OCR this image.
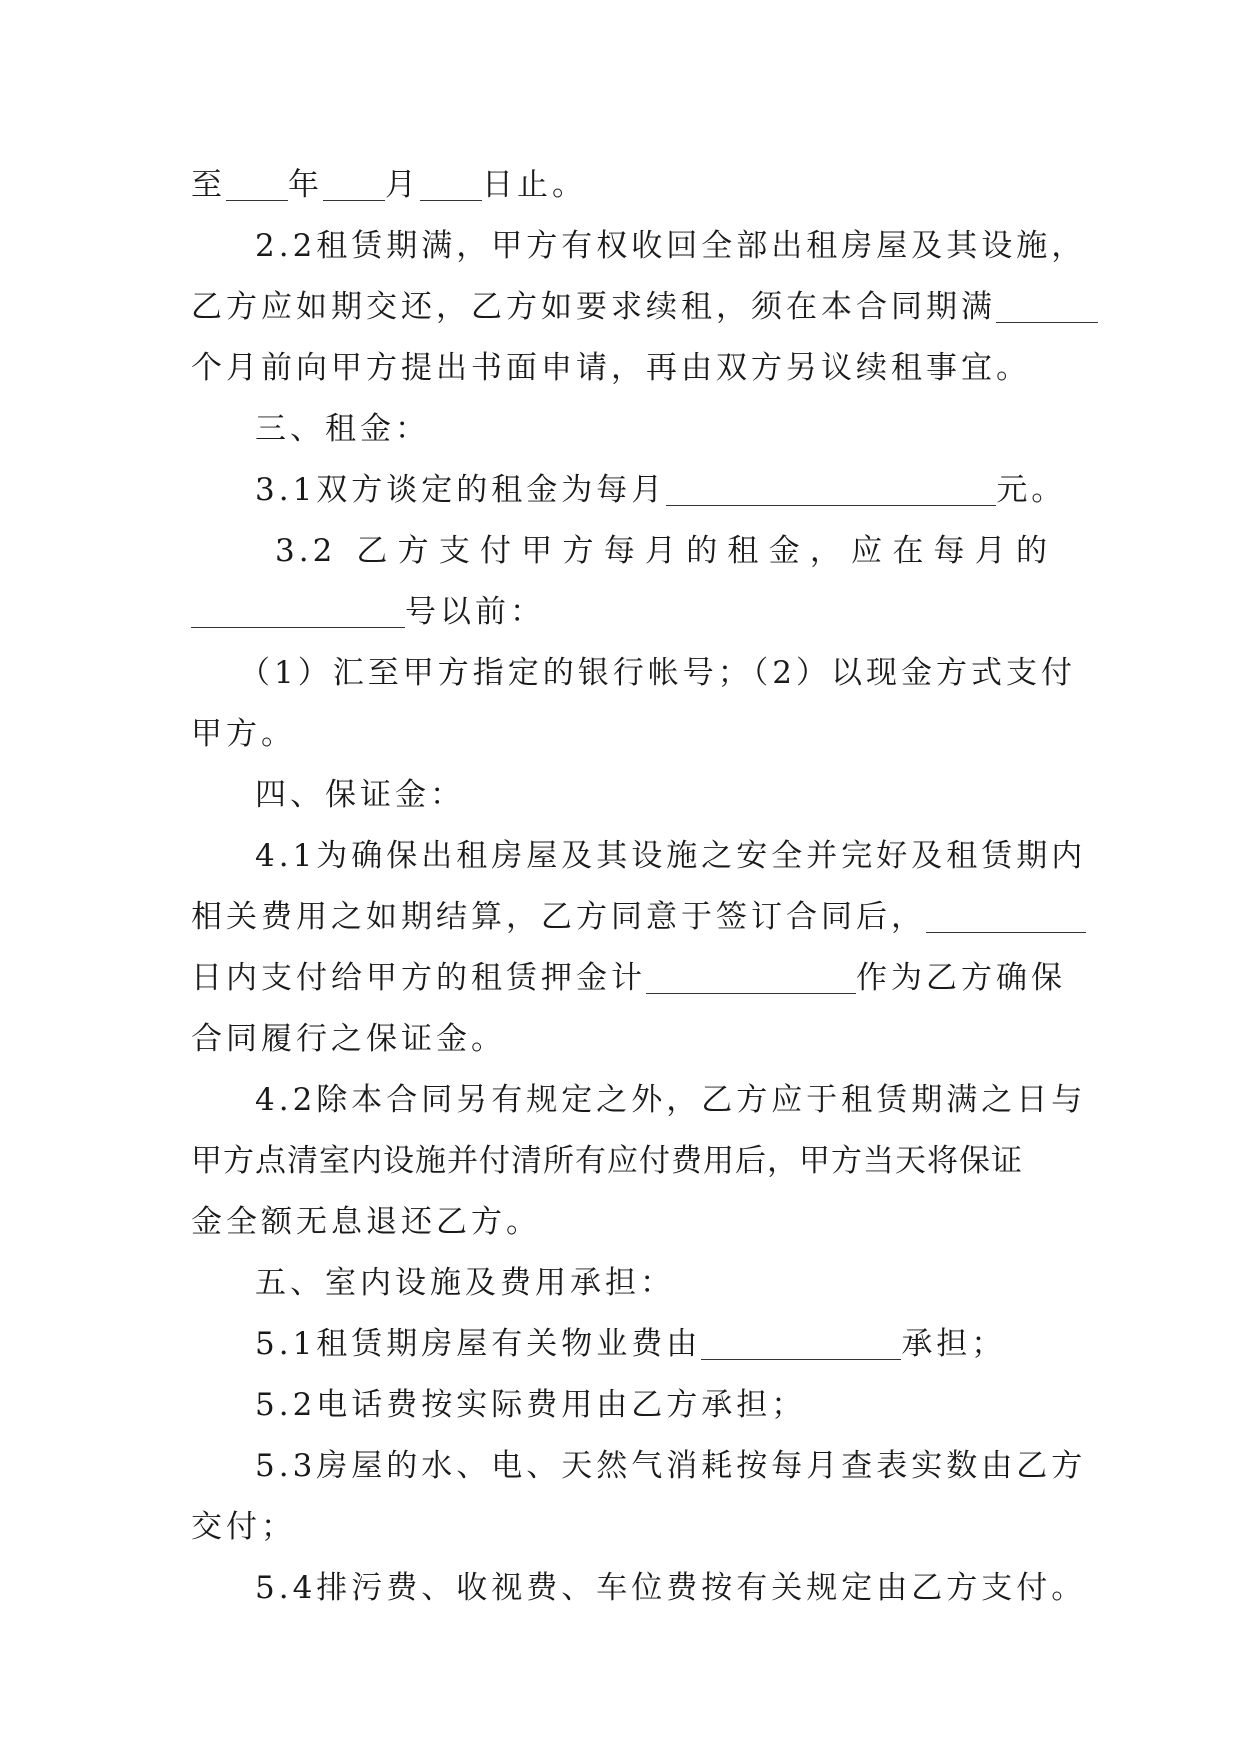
至 年 月 日止。
2.2租赁期满，甲方有权收回全部出租房屋及其设施，
乙方应如期交还，乙方如要求续租，须在本合同期满
个月前向甲方提出书面申请，再由双方另议续租事宜。
三、租金：
3.1双方谈定的租金为每月	元。
3.2 乙方支付甲方每月的租金，应在每月的
号以前：
（1）汇至甲方指定的银行帐号；（2）以现金方式支付
甲方。
四、保证金：
4.1为确保出租房屋及其设施之安全并完好及租赁期内
相关费用之如期结算，乙方同意于签订合同后，
日内支付给甲方的租赁押金计	作为乙方确保
合同履行之保证金。
4.2除本合同另有规定之外，乙方应于租赁期满之日与
甲方点清室内设施并付清所有应付费用后，甲方当天将保证
金全额无息退还乙方。
五、室内设施及费用承担：
5.1租赁期房屋有关物业费由	承担；
5.2电话费按实际费用由乙方承担；
5.3房屋的水、电、天然气消耗按每月查表实数由乙方
交付；
5.4排污费、收视费、车位费按有关规定由乙方支付。
